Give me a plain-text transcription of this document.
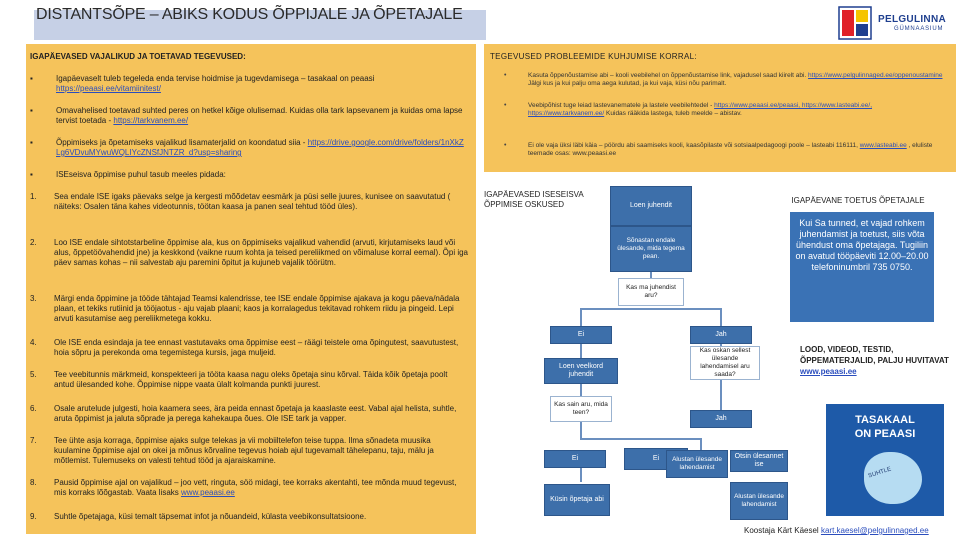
DISTANTSÕPE – ABIKS KODUS ÕPPIJALE JA ÕPETAJALE	PELGULINNA
GÜMNAASIUM
IGAPÄEVASED VAJALIKUD JA TOETAVAD TEGEVUSED:
▪	Igapäevaselt tuleb tegeleda enda tervise hoidmise ja tugevdamisega – tasakaal on peaasi https://peaasi.ee/vitamiinitest/
▪	Omavahelised toetavad suhted peres on hetkel kõige olulisemad. Kuidas olla tark lapsevanem ja kuidas oma lapse tervist toetada - https://tarkvanem.ee/
▪	Õppimiseks ja õpetamiseks vajalikud lisamaterjalid on koondatud siia - https://drive.google.com/drive/folders/1nXkZLg6VDvuMYwuWQLIYcZNSfJNTZR_d?usp=sharing
▪	ISEseisva õppimise puhul tasub meeles pidada:
1. Sea endale ISE igaks päevaks selge ja kergesti mõõdetav eesmärk ja püsi selle juures, kunisee on saavutatud ( näiteks: Osalen täna kahes videotunnis, töötan kaasa ja panen seal tehtud tööd üles).
2. Loo ISE endale sihtotstarbeline õppimise ala, kus on õppimiseks vajalikud vahendid (arvuti, kirjutamiseks laud või alus, õppetöövahendid jne) ja keskkond (vaikne ruum kohta ja teised pereliikmed on võimaluse korral eemal). Õpi iga päev samas kohas – nii salvestab aju paremini õpitut ja kujuneb vajalik töörütm.
3. Märgi enda õppimine ja tööde tähtajad Teamsi kalendrisse, tee ISE endale õppimise ajakava ja kogu päeva/nädala plaan, et tekiks rutiinid ja tööjaotus - aju vajab plaani; kaos ja korralagedus tekitavad rohkem riidu ja pingeid. Lepi arvuti kasutamise aeg pereliikmetega kokku.
4. Ole ISE enda esindaja ja tee ennast vastutavaks oma õppimise eest – räägi teistele oma õpingutest, saavutustest, hoia sõpru ja perekonda oma tegemistega kursis, jaga muljeid.
5. Tee veebitunnis märkmeid, konspekteeri ja tööta kaasa nagu oleks õpetaja sinu kõrval. Täida kõik õpetaja poolt antud ülesanded kohe. Õppimise nippe vaata ülalt kolmanda punkti juurest.
6. Osale arutelude julgesti, hoia kaamera sees, ära peida ennast õpetaja ja kaaslaste eest. Vabal ajal helista, suhtle, aruta õppimist ja jaluta sõprade ja perega kahekaupa õues. Ole ISE tark ja vapper.
7. Tee ühte asja korraga, õppimise ajaks sulge telekas ja vii mobiiltelefon teise tuppa. Ilma sõnadeta muusika kuulamine õppimise ajal on okei ja mõnus kõrvaline tegevus hoiab ajul tugevamalt tähelepanu, taju, mälu ja mõtlemist. Tulemuseks on valesti tehtud tööd ja ajaraiskamine.
8. Pausid õppimise ajal on vajalikud – joo vett, ringuta, söö midagi, tee korraks akentahti, tee mõnda muud tegevust, mis korraks lõõgastab. Vaata lisaks www.peaasi.ee
9. Suhtle õpetajaga, küsi temalt täpsemat infot ja nõuandeid, külasta veebikonsultatsioone.
TEGEVUSED PROBLEEMIDE KUHJUMISE KORRAL:
•	Kasuta õppenõustamise abi – kooli veebilehel on õppenõustamise link, vajadusel saad kiirelt abi. https://www.pelgulinnaged.ee/oppenoustamine Jälgi kus ja kui palju oma aega kulutad, ja kui vaja, küsi nõu parimalt.
•	Veebipõhist tuge leiad lastevanematele ja lastele veebilehtedel - https://www.peaasi.ee/peaasi, https://www.lasteabi.ee/, https://www.tarkvanem.ee/ Kuidas rääkida lastega, tuleb meelde – abistav.
•	Ei ole vaja üksi läbi käia – pöördu abi saamiseks kooli, kaasõpilaste või sotsiaalpedagoogi poole – lasteabi 116111, www.lasteabi.ee , eluliste teemade osas: www.peaasi.ee
IGAPÄEVASED ISESEISVA ÕPPIMISE OSKUSED	Loen juhendit
Sõnastan endale ülesande, mida tegema pean.
Kas ma juhendist aru?
Ei	Jah
Loen veelkord juhendit
Kas oskan sellest ülesande lahendamisel aru saada?
Kas sain aru, mida teen?
Jah
Ei	Ei	Alustan ülesande lahendamist
Otsin ülesannet ise
Küsin õpetaja abi	Alustan ülesande lahendamist
IGAPÄEVANE TOETUS ÕPETAJALE
Kui Sa tunned, et vajad rohkem juhendamist ja toetust, siis võta ühendust oma õpetajaga. Tugiliin on avatud tööpäeviti 12.00–20.00 telefoninumbril 735 0750.
LOOD, VIDEOD, TESTID, ÕPPEMATERJALID, PALJU HUVITAVAT www.peaasi.ee
TASAKAAL
ON PEAASI
SUHTLE
Koostaja Kärt Käesel kart.kaesel@pelgulinnaged.ee
